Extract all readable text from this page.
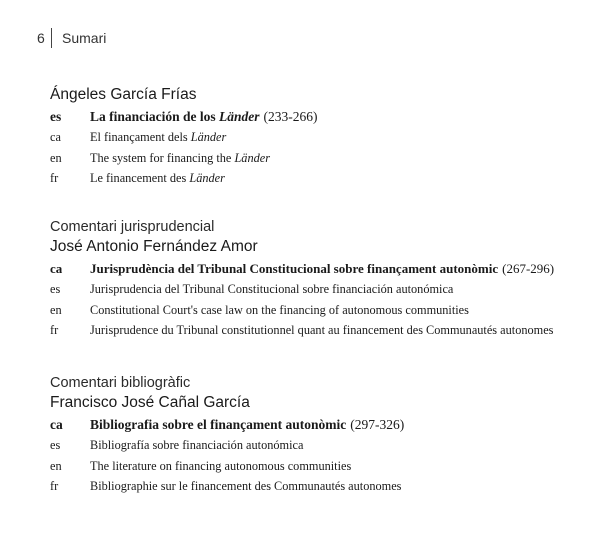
6	Sumari
Ángeles García Frías
es	La financiación de los Länder (233-266)
ca	El finançament dels Länder
en	The system for financing the Länder
fr	Le financement des Länder
Comentari jurisprudencial
José Antonio Fernández Amor
ca	Jurisprudència del Tribunal Constitucional sobre finançament autonòmic (267-296)
es	Jurisprudencia del Tribunal Constitucional sobre financiación autonómica
en	Constitutional Court's case law on the financing of autonomous communities
fr	Jurisprudence du Tribunal constitutionnel quant au financement des Communautés autonomes
Comentari bibliogràfic
Francisco José Cañal García
ca	Bibliografia sobre el finançament autonòmic (297-326)
es	Bibliografía sobre financiación autonómica
en	The literature on financing autonomous communities
fr	Bibliographie sur le financement des Communautés autonomes
